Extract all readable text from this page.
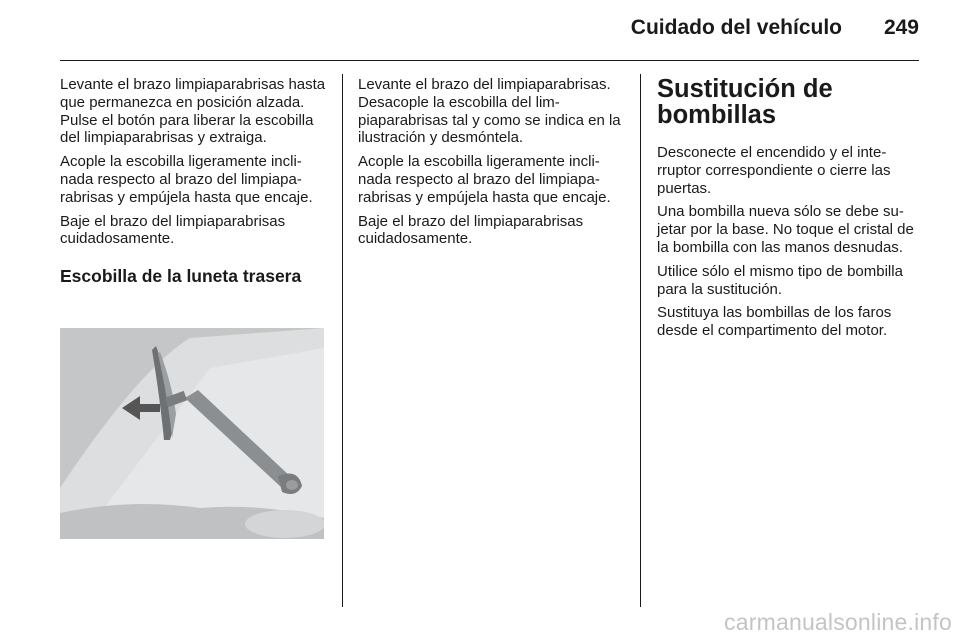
Cuidado del vehículo 249

Levante el brazo limpiaparabrisas hasta que permanezca en posición alzada. Pulse el botón para liberar la escobilla del limpiaparabrisas y extraiga.

Acople la escobilla ligeramente inclinada respecto al brazo del limpiaparabrisas y empújela hasta que encaje.

Baje el brazo del limpiaparabrisas cuidadosamente.

Escobilla de la luneta trasera

Levante el brazo del limpiaparabrisas. Desacople la escobilla del limpiaparabrisas tal y como se indica en la ilustración y desmóntela.

Acople la escobilla ligeramente inclinada respecto al brazo del limpiaparabrisas y empújela hasta que encaje.

Baje el brazo del limpiaparabrisas cuidadosamente.

Sustitución de bombillas

Desconecte el encendido y el interruptor correspondiente o cierre las puertas.

Una bombilla nueva sólo se debe sujetar por la base. No toque el cristal de la bombilla con las manos desnudas.

Utilice sólo el mismo tipo de bombilla para la sustitución.

Sustituya las bombillas de los faros desde el compartimento del motor.

carmanualsonline.info
